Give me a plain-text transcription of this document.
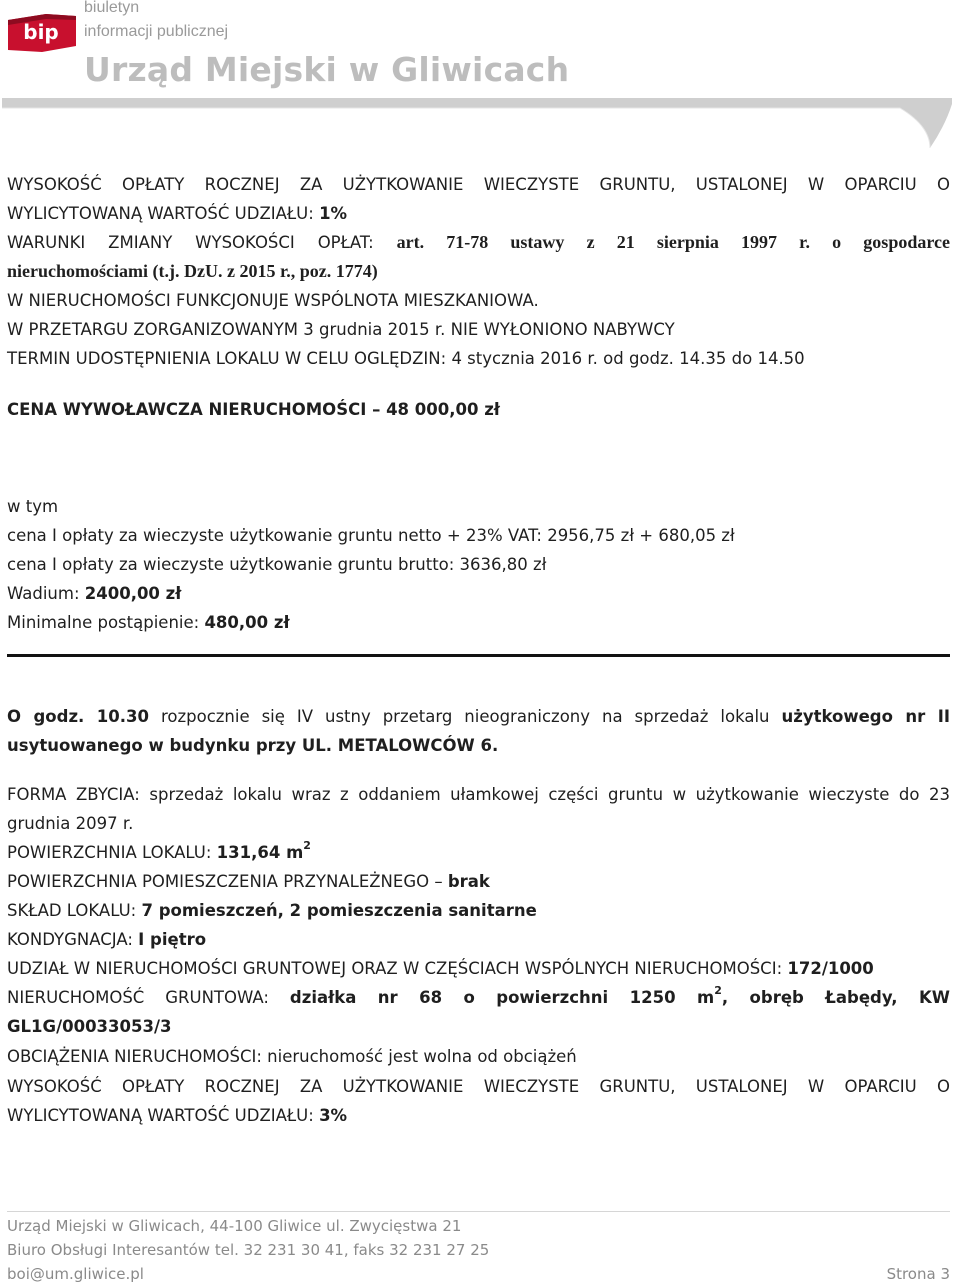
bip
biuletyn
informacji publicznej
Urząd Miejski w Gliwicach
WYSOKOŚĆ OPŁATY ROCZNEJ ZA UŻYTKOWANIE WIECZYSTE GRUNTU, USTALONEJ W OPARCIU O
WYLICYTOWANĄ WARTOŚĆ UDZIAŁU: 1%
WARUNKI ZMIANY WYSOKOŚCI OPŁAT: art. 71-78 ustawy z 21 sierpnia 1997 r. o gospodarce
nieruchomościami (t.j. DzU. z 2015 r., poz. 1774)
W NIERUCHOMOŚCI FUNKCJONUJE WSPÓLNOTA MIESZKANIOWA.
W PRZETARGU ZORGANIZOWANYM 3 grudnia 2015 r. NIE WYŁONIONO NABYWCY
TERMIN UDOSTĘPNIENIA LOKALU W CELU OGLĘDZIN: 4 stycznia 2016 r. od godz. 14.35 do 14.50
CENA WYWOŁAWCZA NIERUCHOMOŚCI – 48 000,00 zł
w tym
cena I opłaty za wieczyste użytkowanie gruntu netto + 23% VAT: 2956,75 zł + 680,05 zł
cena I opłaty za wieczyste użytkowanie gruntu brutto: 3636,80 zł
Wadium: 2400,00 zł
Minimalne postąpienie: 480,00 zł
O godz. 10.30 rozpocznie się IV ustny przetarg nieograniczony na sprzedaż lokalu użytkowego nr II
usytuowanego w budynku przy UL. METALOWCÓW 6.
FORMA ZBYCIA: sprzedaż lokalu wraz z oddaniem ułamkowej części gruntu w użytkowanie wieczyste do 23
grudnia 2097 r.
POWIERZCHNIA LOKALU: 131,64 $m^2$
POWIERZCHNIA POMIESZCZENIA PRZYNALEŻNEGO – brak
SKŁAD LOKALU: 7 pomieszczeń, 2 pomieszczenia sanitarne
KONDYGNACJA: I piętro
UDZIAŁ W NIERUCHOMOŚCI GRUNTOWEJ ORAZ W CZĘŚCIACH WSPÓLNYCH NIERUCHOMOŚCI: 172/1000
NIERUCHOMOŚĆ GRUNTOWA: działka nr 68 o powierzchni 1250 $m^2$, obręb Łabędy, KW
GL1G/00033053/3
OBCIĄŻENIA NIERUCHOMOŚCI: nieruchomość jest wolna od obciążeń
WYSOKOŚĆ OPŁATY ROCZNEJ ZA UŻYTKOWANIE WIECZYSTE GRUNTU, USTALONEJ W OPARCIU O
WYLICYTOWANĄ WARTOŚĆ UDZIAŁU: 3%
Urząd Miejski w Gliwicach, 44-100 Gliwice ul. Zwycięstwa 21
Biuro Obsługi Interesantów tel. 32 231 30 41, faks 32 231 27 25
boi@um.gliwice.pl	Strona 3
